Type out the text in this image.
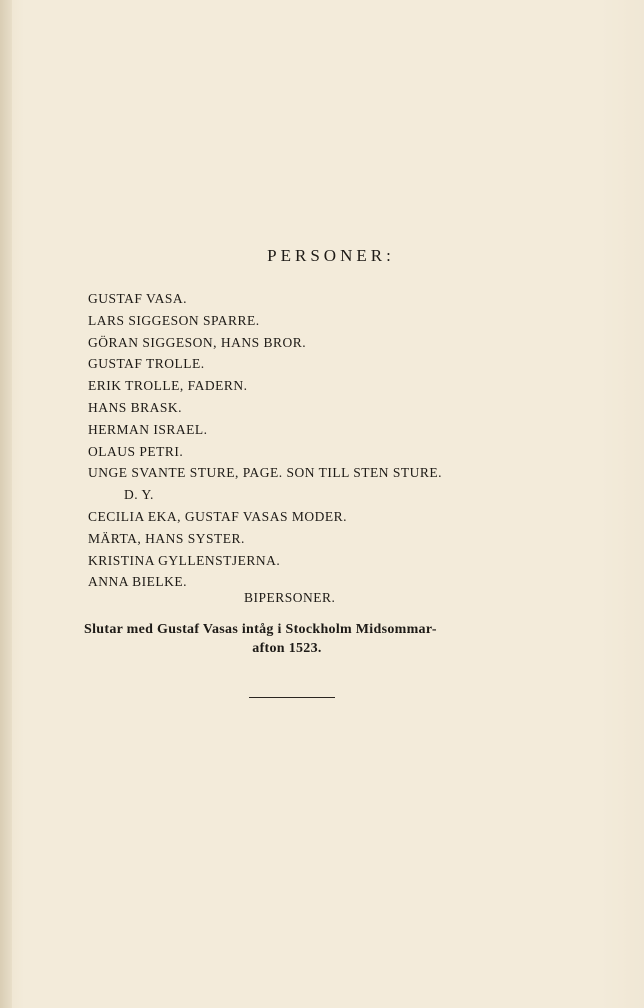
PERSONER:
GUSTAF VASA.
LARS SIGGESON SPARRE.
GÖRAN SIGGESON, HANS BROR.
GUSTAF TROLLE.
ERIK TROLLE, FADERN.
HANS BRASK.
HERMAN ISRAEL.
OLAUS PETRI.
UNGE SVANTE STURE, PAGE. SON TILL STEN STURE.
D. Y.
CECILIA EKA, GUSTAF VASAS MODER.
MÄRTA, HANS SYSTER.
KRISTINA GYLLENSTJERNA.
ANNA BIELKE.
BIPERSONER.
Slutar med Gustaf Vasas intåg i Stockholm Midsommar-
afton 1523.
